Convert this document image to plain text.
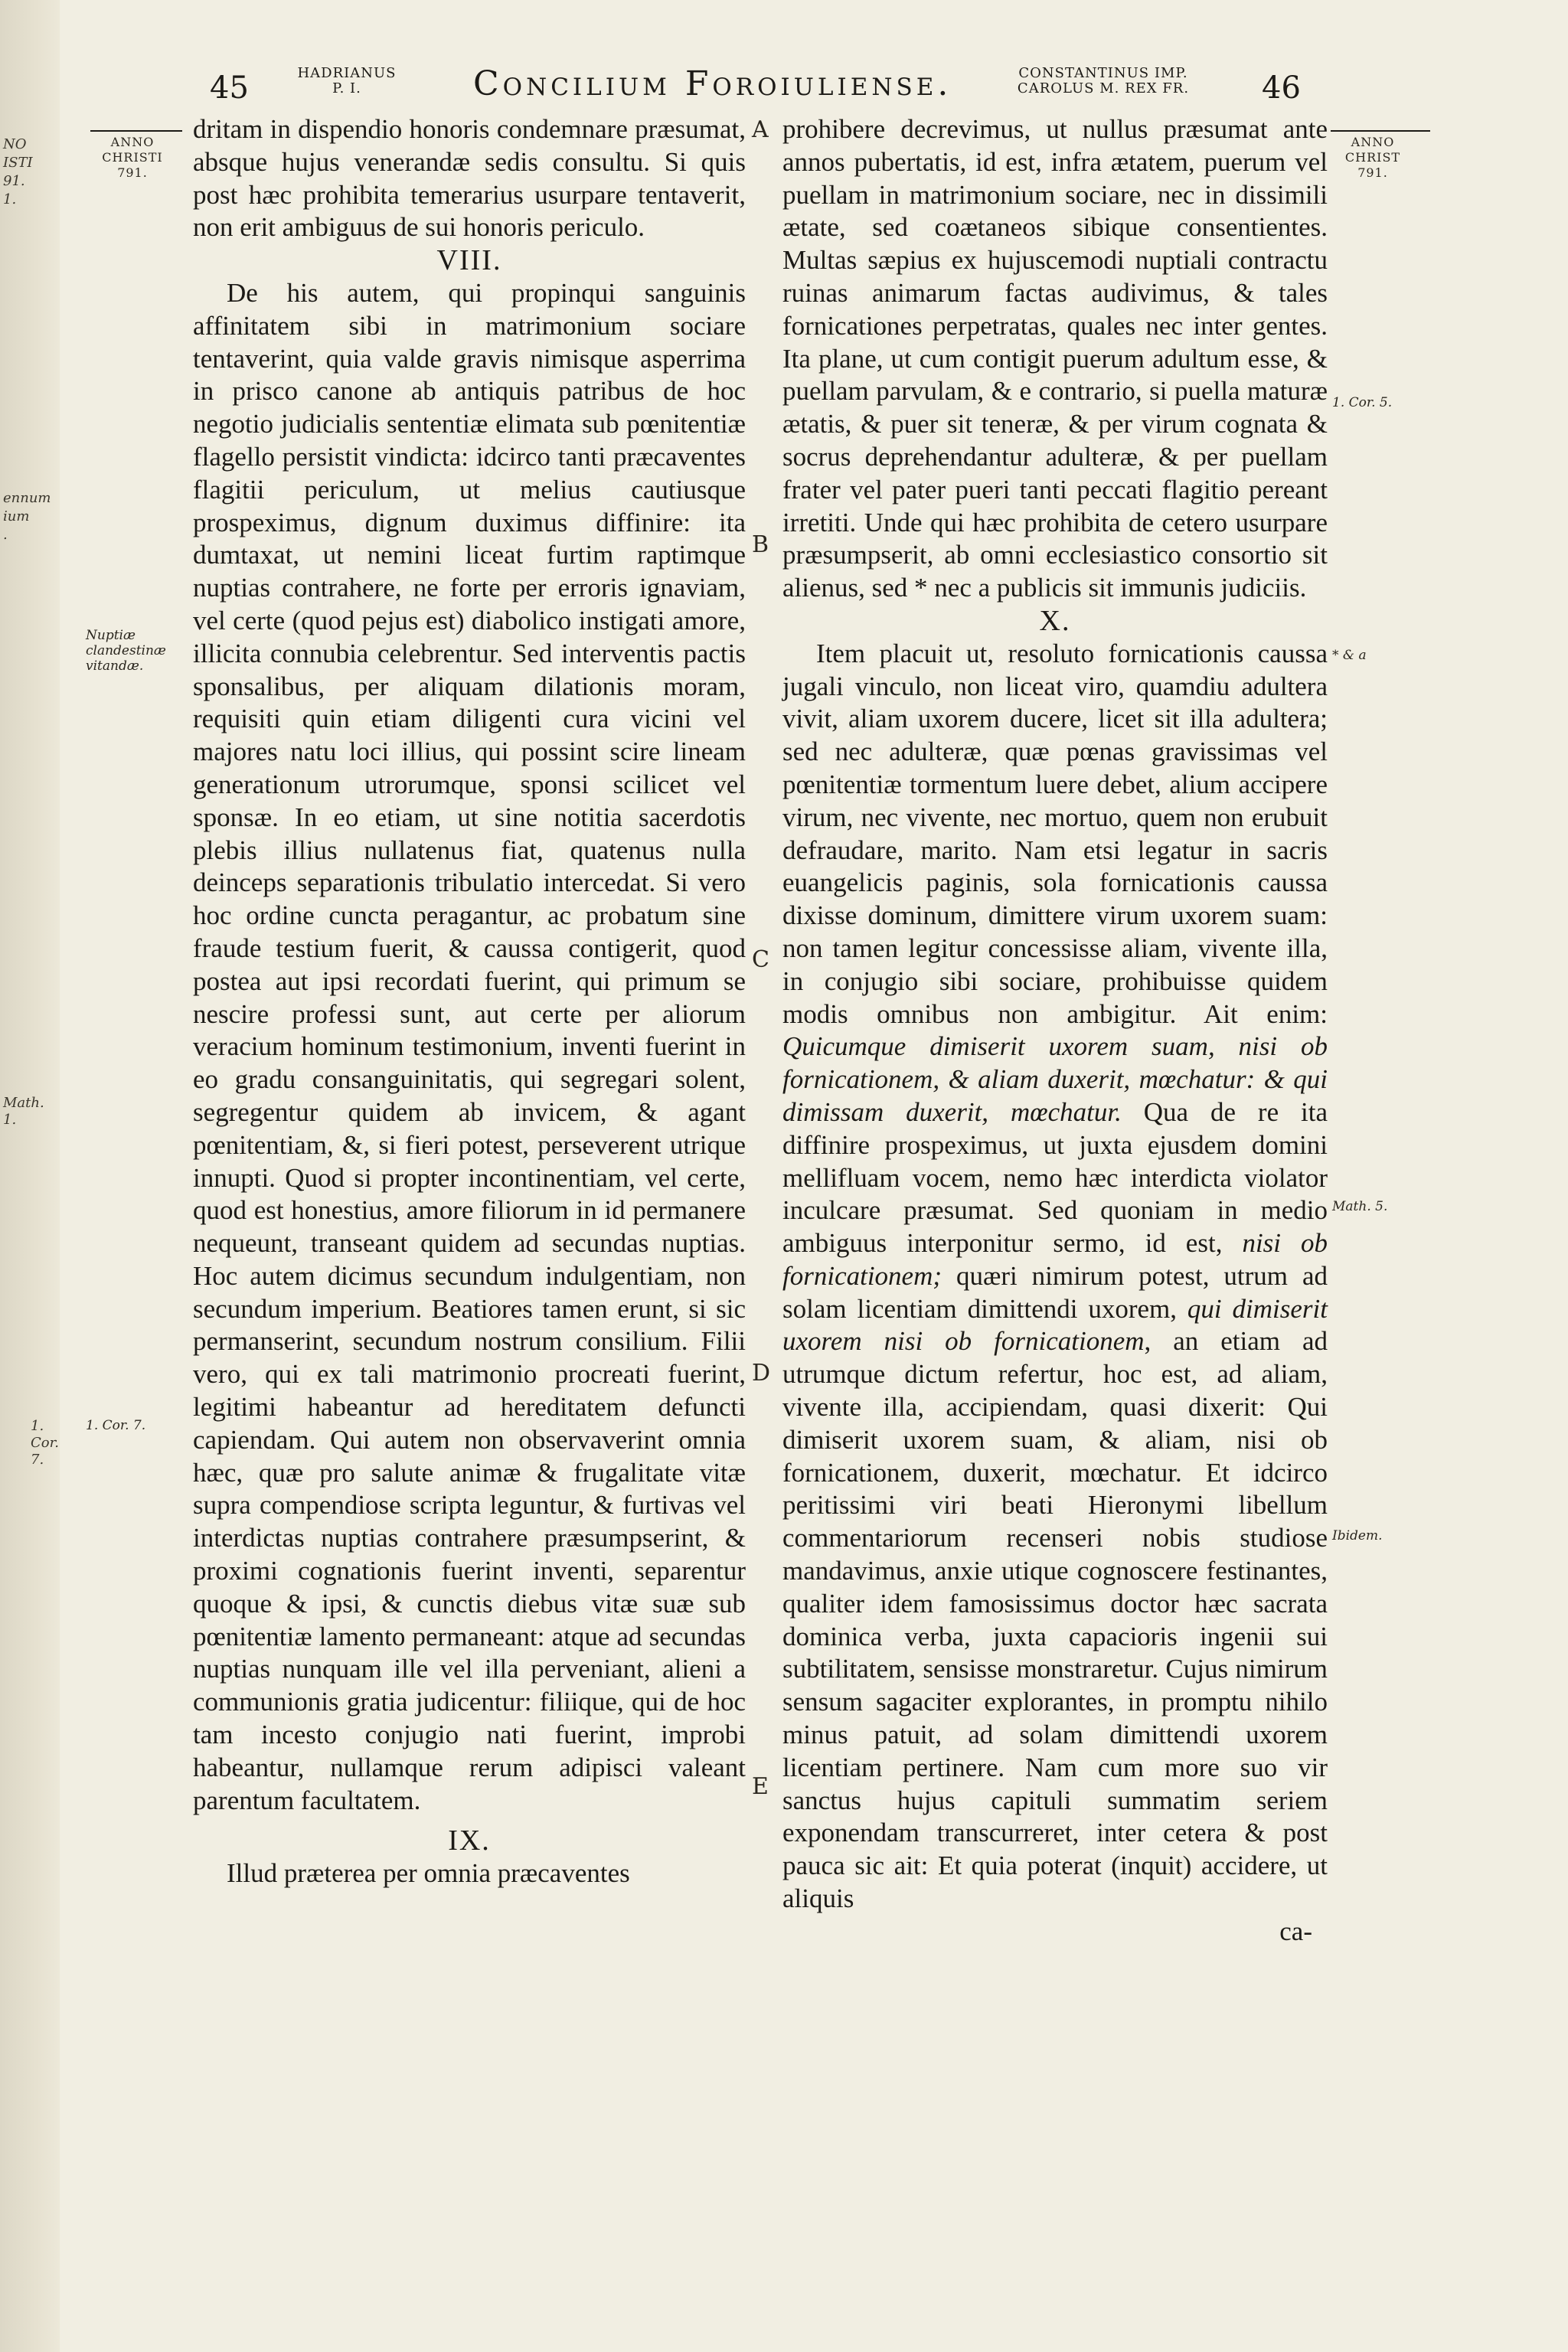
NO
ISTI
91.
1.
ennum
ium
.
Math. 1.
1. Cor. 7.
45	HADRIANUS
P. I.	Concilium Foroiuliense.	CONSTANTINUS IMP.
CAROLUS M. REX FR. 46
ANNO
CHRISTI
791.
ANNO
CHRIST
791.
Nuptiæ clandestinæ vitandæ.
1. Cor. 7.
1. Cor. 5.
* & a
Math. 5.
Ibidem.
A
B
C
D
E

dritam in dispendio honoris condemnare præsumat, absque hujus venerandæ sedis consultu. Si quis post hæc prohibita temerarius usurpare tentaverit, non erit ambiguus de sui honoris periculo.

VIII.

De his autem, qui propinqui sanguinis affinitatem sibi in matrimonium sociare tentaverint, quia valde gravis nimisque asperrima in prisco canone ab antiquis patribus de hoc negotio judicialis sententiæ elimata sub pœnitentiæ flagello persistit vindicta: idcirco tanti præcaventes flagitii periculum, ut melius cautiusque prospeximus, dignum duximus diffinire: ita dumtaxat, ut nemini liceat furtim raptimque nuptias contrahere, ne forte per erroris ignaviam, vel certe (quod pejus est) diabolico instigati amore, illicita connubia celebrentur. Sed interventis pactis sponsalibus, per aliquam dilationis moram, requisiti quin etiam diligenti cura vicini vel majores natu loci illius, qui possint scire lineam generationum utrorumque, sponsi scilicet vel sponsæ. In eo etiam, ut sine notitia sacerdotis plebis illius nullatenus fiat, quatenus nulla deinceps separationis tribulatio intercedat. Si vero hoc ordine cuncta peragantur, ac probatum sine fraude testium fuerit, & caussa contigerit, quod postea aut ipsi recordati fuerint, qui primum se nescire professi sunt, aut certe per aliorum veracium hominum testimonium, inventi fuerint in eo gradu consanguinitatis, qui segregari solent, segregentur quidem ab invicem, & agant pœnitentiam, &, si fieri potest, perseverent utrique innupti. Quod si propter incontinentiam, vel certe, quod est honestius, amore filiorum in id permanere nequeunt, transeant quidem ad secundas nuptias. Hoc autem dicimus secundum indulgentiam, non secundum imperium. Beatiores tamen erunt, si sic permanserint, secundum nostrum consilium. Filii vero, qui ex tali matrimonio procreati fuerint, legitimi habeantur ad hereditatem defuncti capiendam. Qui autem non observaverint omnia hæc, quæ pro salute animæ & frugalitate vitæ supra compendiose scripta leguntur, & furtivas vel interdictas nuptias contrahere præsumpserint, & proximi cognationis fuerint inventi, separentur quoque & ipsi, & cunctis diebus vitæ suæ sub pœnitentiæ lamento permaneant: atque ad secundas nuptias nunquam ille vel illa perveniant, alieni a communionis gratia judicentur: filiique, qui de hoc tam incesto conjugio nati fuerint, improbi habeantur, nullamque rerum adipisci valeant parentum facultatem.

IX.

Illud præterea per omnia præcaventes

prohibere decrevimus, ut nullus præsumat ante annos pubertatis, id est, infra ætatem, puerum vel puellam in matrimonium sociare, nec in dissimili ætate, sed coætaneos sibique consentientes. Multas sæpius ex hujuscemodi nuptiali contractu ruinas animarum factas audivimus, & tales fornicationes perpetratas, quales nec inter gentes. Ita plane, ut cum contigit puerum adultum esse, & puellam parvulam, & e contrario, si puella maturæ ætatis, & puer sit teneræ, & per virum cognata & socrus deprehendantur adulteræ, & per puellam frater vel pater pueri tanti peccati flagitio pereant irretiti. Unde qui hæc prohibita de cetero usurpare præsumpserit, ab omni ecclesiastico consortio sit alienus, sed * nec a publicis sit immunis judiciis.

X.

Item placuit ut, resoluto fornicationis caussa jugali vinculo, non liceat viro, quamdiu adultera vivit, aliam uxorem ducere, licet sit illa adultera; sed nec adulteræ, quæ pœnas gravissimas vel pœnitentiæ tormentum luere debet, alium accipere virum, nec vivente, nec mortuo, quem non erubuit defraudare, marito. Nam etsi legatur in sacris euangelicis paginis, sola fornicationis caussa dixisse dominum, dimittere virum uxorem suam: non tamen legitur concessisse aliam, vivente illa, in conjugio sibi sociare, prohibuisse quidem modis omnibus non ambigitur. Ait enim: Quicumque dimiserit uxorem suam, nisi ob fornicationem, & aliam duxerit, mœchatur: & qui dimissam duxerit, mœchatur. Qua de re ita diffinire prospeximus, ut juxta ejusdem domini mellifluam vocem, nemo hæc interdicta violator inculcare præsumat. Sed quoniam in medio ambiguus interponitur sermo, id est, nisi ob fornicationem; quæri nimirum potest, utrum ad solam licentiam dimittendi uxorem, qui dimiserit uxorem nisi ob fornicationem, an etiam ad utrumque dictum refertur, hoc est, ad aliam, vivente illa, accipiendam, quasi dixerit: Qui dimiserit uxorem suam, & aliam, nisi ob fornicationem, duxerit, mœchatur. Et idcirco peritissimi viri beati Hieronymi libellum commentariorum recenseri nobis studiose mandavimus, anxie utique cognoscere festinantes, qualiter idem famosissimus doctor hæc sacrata dominica verba, juxta capacioris ingenii sui subtilitatem, sensisse monstraretur. Cujus nimirum sensum sagaciter explorantes, in promptu nihilo minus patuit, ad solam dimittendi uxorem licentiam pertinere. Nam cum more suo vir sanctus hujus capituli summatim seriem exponendam transcurreret, inter cetera & post pauca sic ait: Et quia poterat (inquit) accidere, ut aliquis

ca-
